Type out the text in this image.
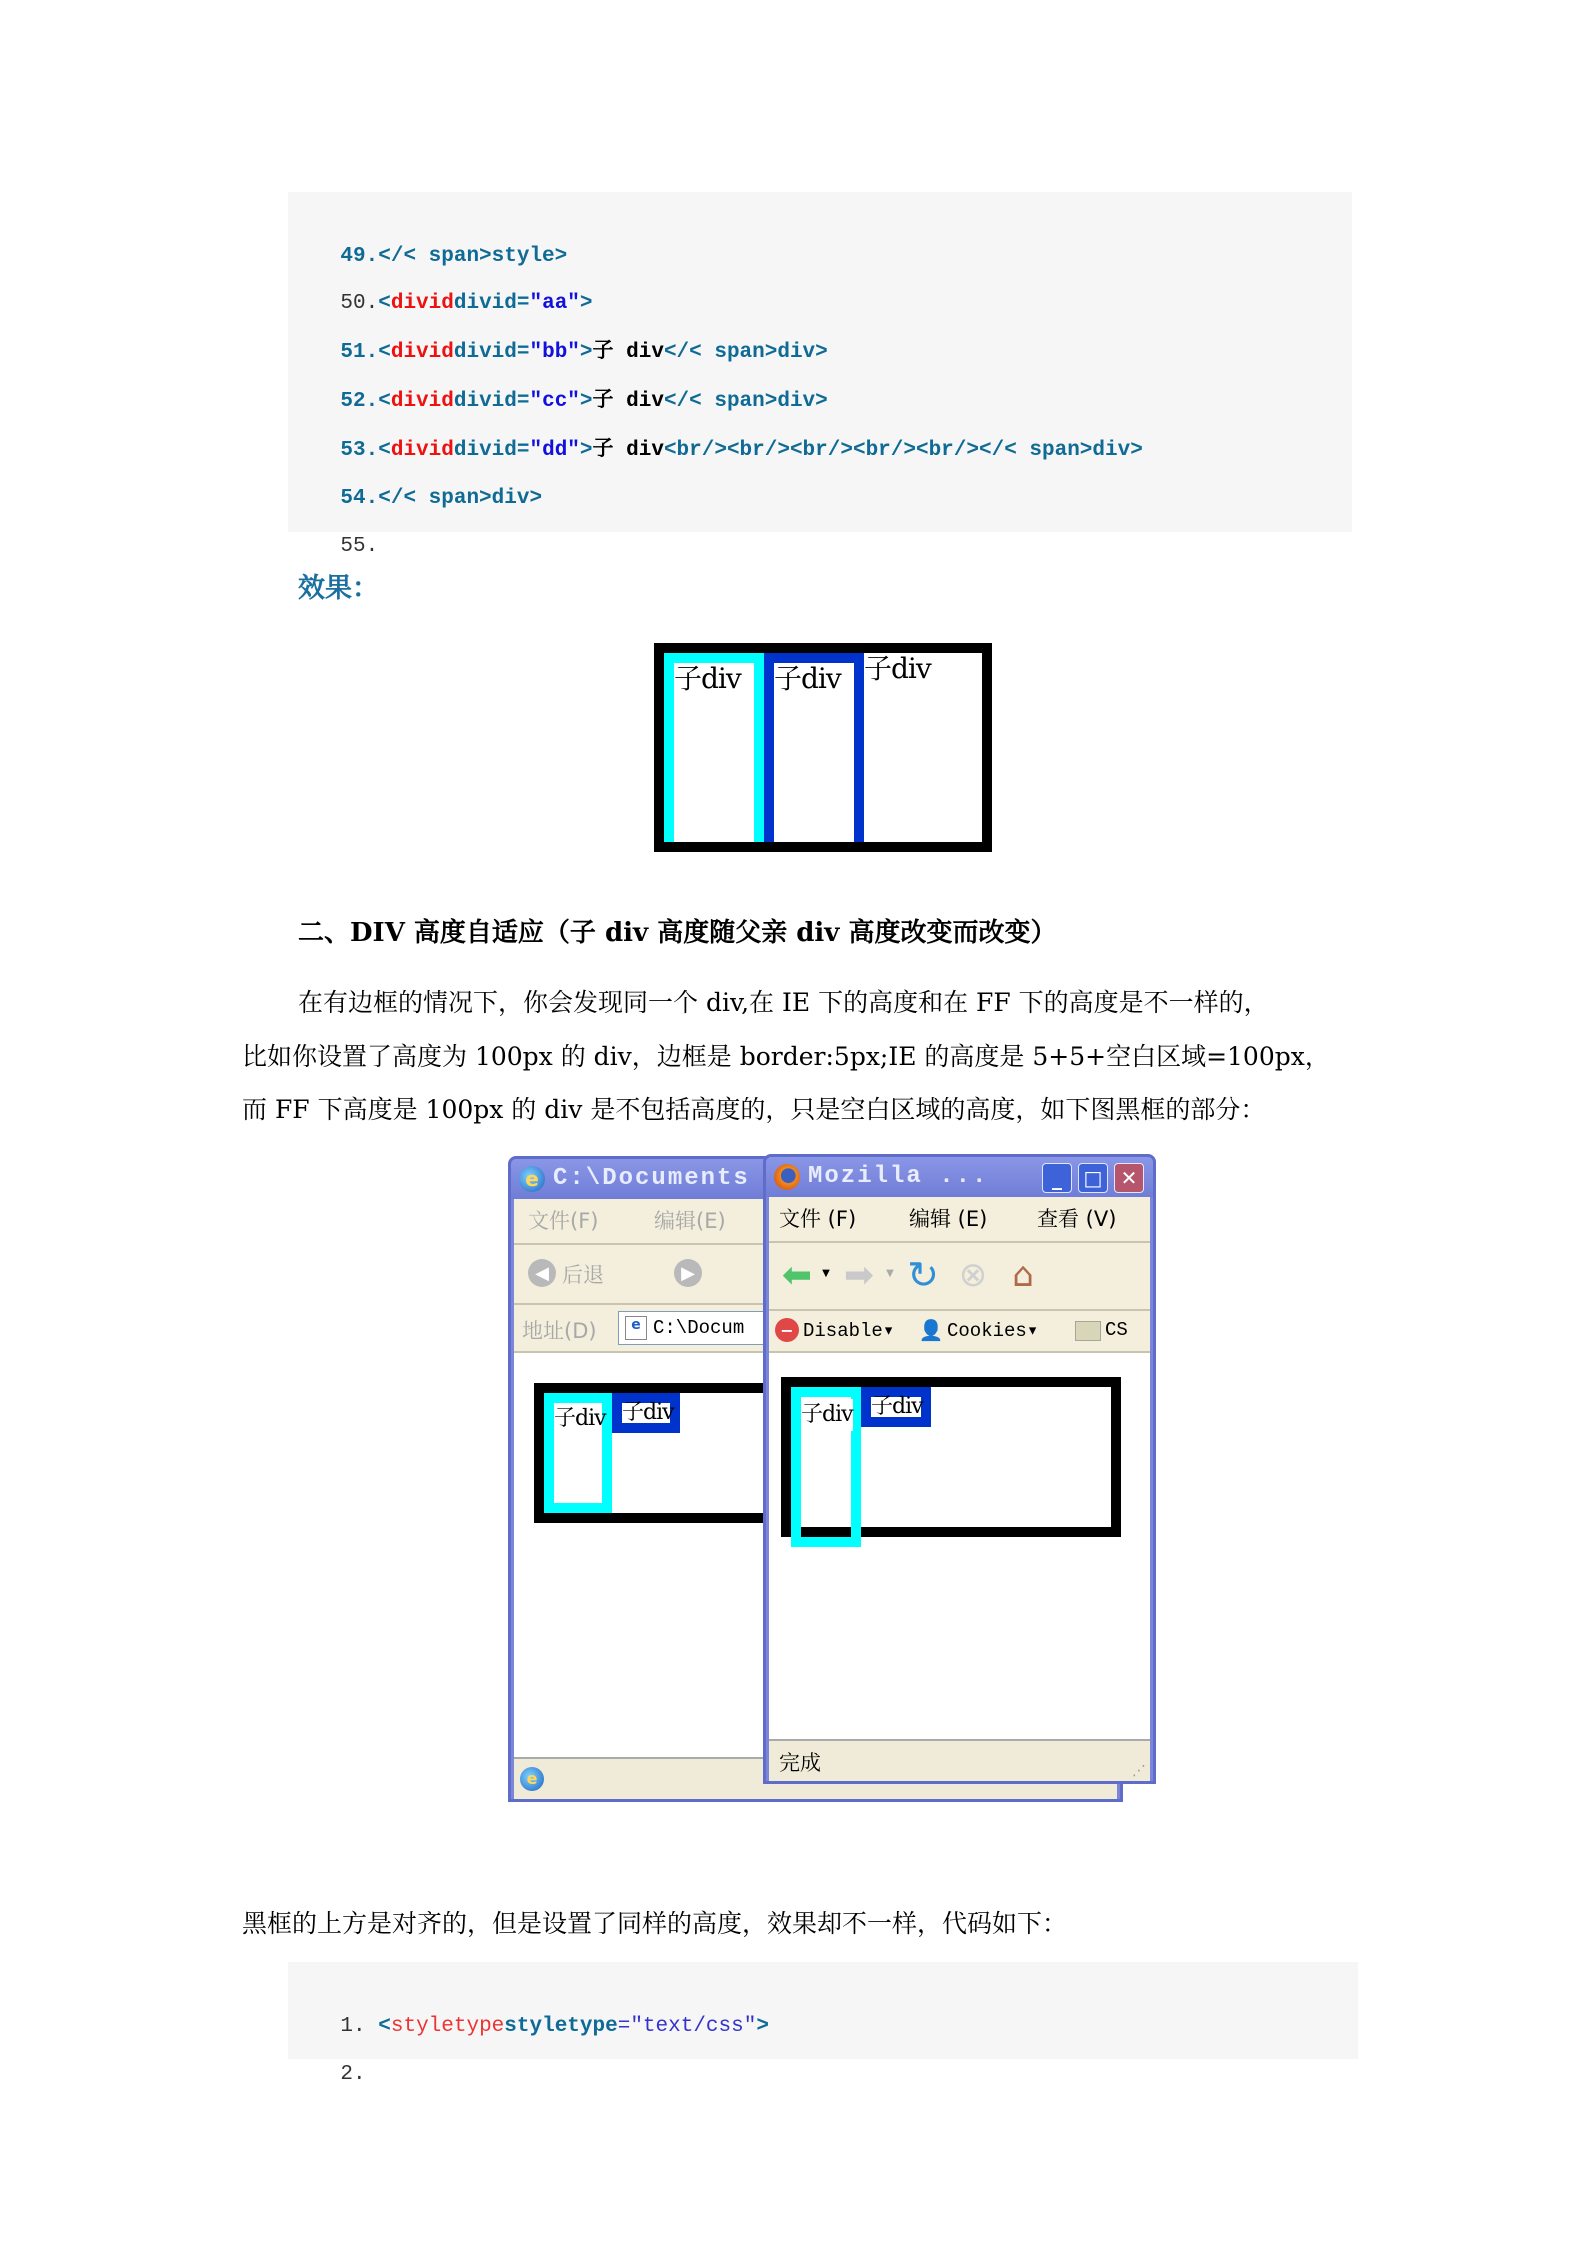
49.</< span>style>

50.<dividdivid="aa">

51.<dividdivid="bb">子 div</< span>div>

52.<dividdivid="cc">子 div</< span>div>

53.<dividdivid="dd">子 div<br/><br/><br/><br/><br/></< span>div>

54.</< span>div>

55.

效果：
子div	子div 子div
二、DIV 高度自适应（子 div 高度随父亲 div 高度改变而改变）
在有边框的情况下，你会发现同一个 div,在 IE 下的高度和在 FF 下的高度是不一样的，
比如你设置了高度为 100px 的 div，边框是 border:5px;IE 的高度是 5+5+空白区域=100px，
而 FF 下高度是 100px 的 div 是不包括高度的，只是空白区域的高度，如下图黑框的部分：
e C:\Documents
文件(F)	编辑(E)
◀ 后退	▶
地址(D)	e C:\Docum
子div 子div
e
Mozilla ...	_	□ ✕
文件 (F)	编辑 (E) 查看 (V)
⬅	▼ ➡	▼ ↻ ⊗ ⌂
− Disable▾ 👤 Cookies▾	CS
子div 子div
完成	⋰
黑框的上方是对齐的，但是设置了同样的高度，效果却不一样，代码如下：

1. <styletypestyletype="text/css">

2.
